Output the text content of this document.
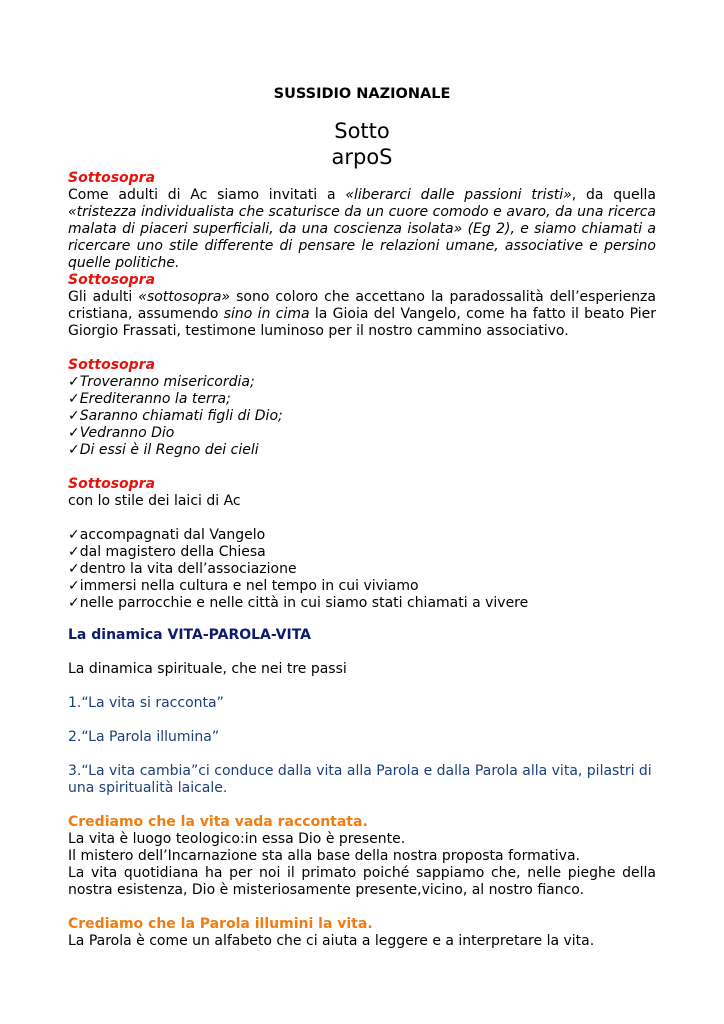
SUSSIDIO NAZIONALE
Sotto
arpoS

Sottosopra

Come adulti di Ac siamo invitati a «liberarci dalle passioni tristi», da quella «tristezza individualista che scaturisce da un cuore comodo e avaro, da una ricerca malata di piaceri superficiali, da una coscienza isolata» (Eg 2), e siamo chiamati a ricercare uno stile differente di pensare le relazioni umane, associative e persino quelle politiche.

Sottosopra

Gli adulti «sottosopra» sono coloro che accettano la paradossalità dell’esperienza cristiana, assumendo sino in cima la Gioia del Vangelo, come ha fatto il beato Pier Giorgio Frassati, testimone luminoso per il nostro cammino associativo.

Sottosopra

✓Troveranno misericordia;

✓Erediteranno la terra;

✓Saranno chiamati figli di Dio;

✓Vedranno Dio

✓Di essi è il Regno dei cieli

Sottosopra

con lo stile dei laici di Ac

✓accompagnati dal Vangelo

✓dal magistero della Chiesa

✓dentro la vita dell’associazione

✓immersi nella cultura e nel tempo in cui viviamo

✓nelle parrocchie e nelle città in cui siamo stati chiamati a vivere

La dinamica VITA-PAROLA-VITA
La dinamica spirituale, che nei tre passi
1.“La vita si racconta”
2.“La Parola illumina”
3.“La vita cambia”ci conduce dalla vita alla Parola e dalla Parola alla vita, pilastri di una spiritualità laicale.

Crediamo che la vita vada raccontata.

La vita è luogo teologico:in essa Dio è presente.

Il mistero dell’Incarnazione sta alla base della nostra proposta formativa.

La vita quotidiana ha per noi il primato poiché sappiamo che, nelle pieghe della nostra esistenza, Dio è misteriosamente presente,vicino, al nostro fianco.

Crediamo che la Parola illumini la vita.

La Parola è come un alfabeto che ci aiuta a leggere e a interpretare la vita.
